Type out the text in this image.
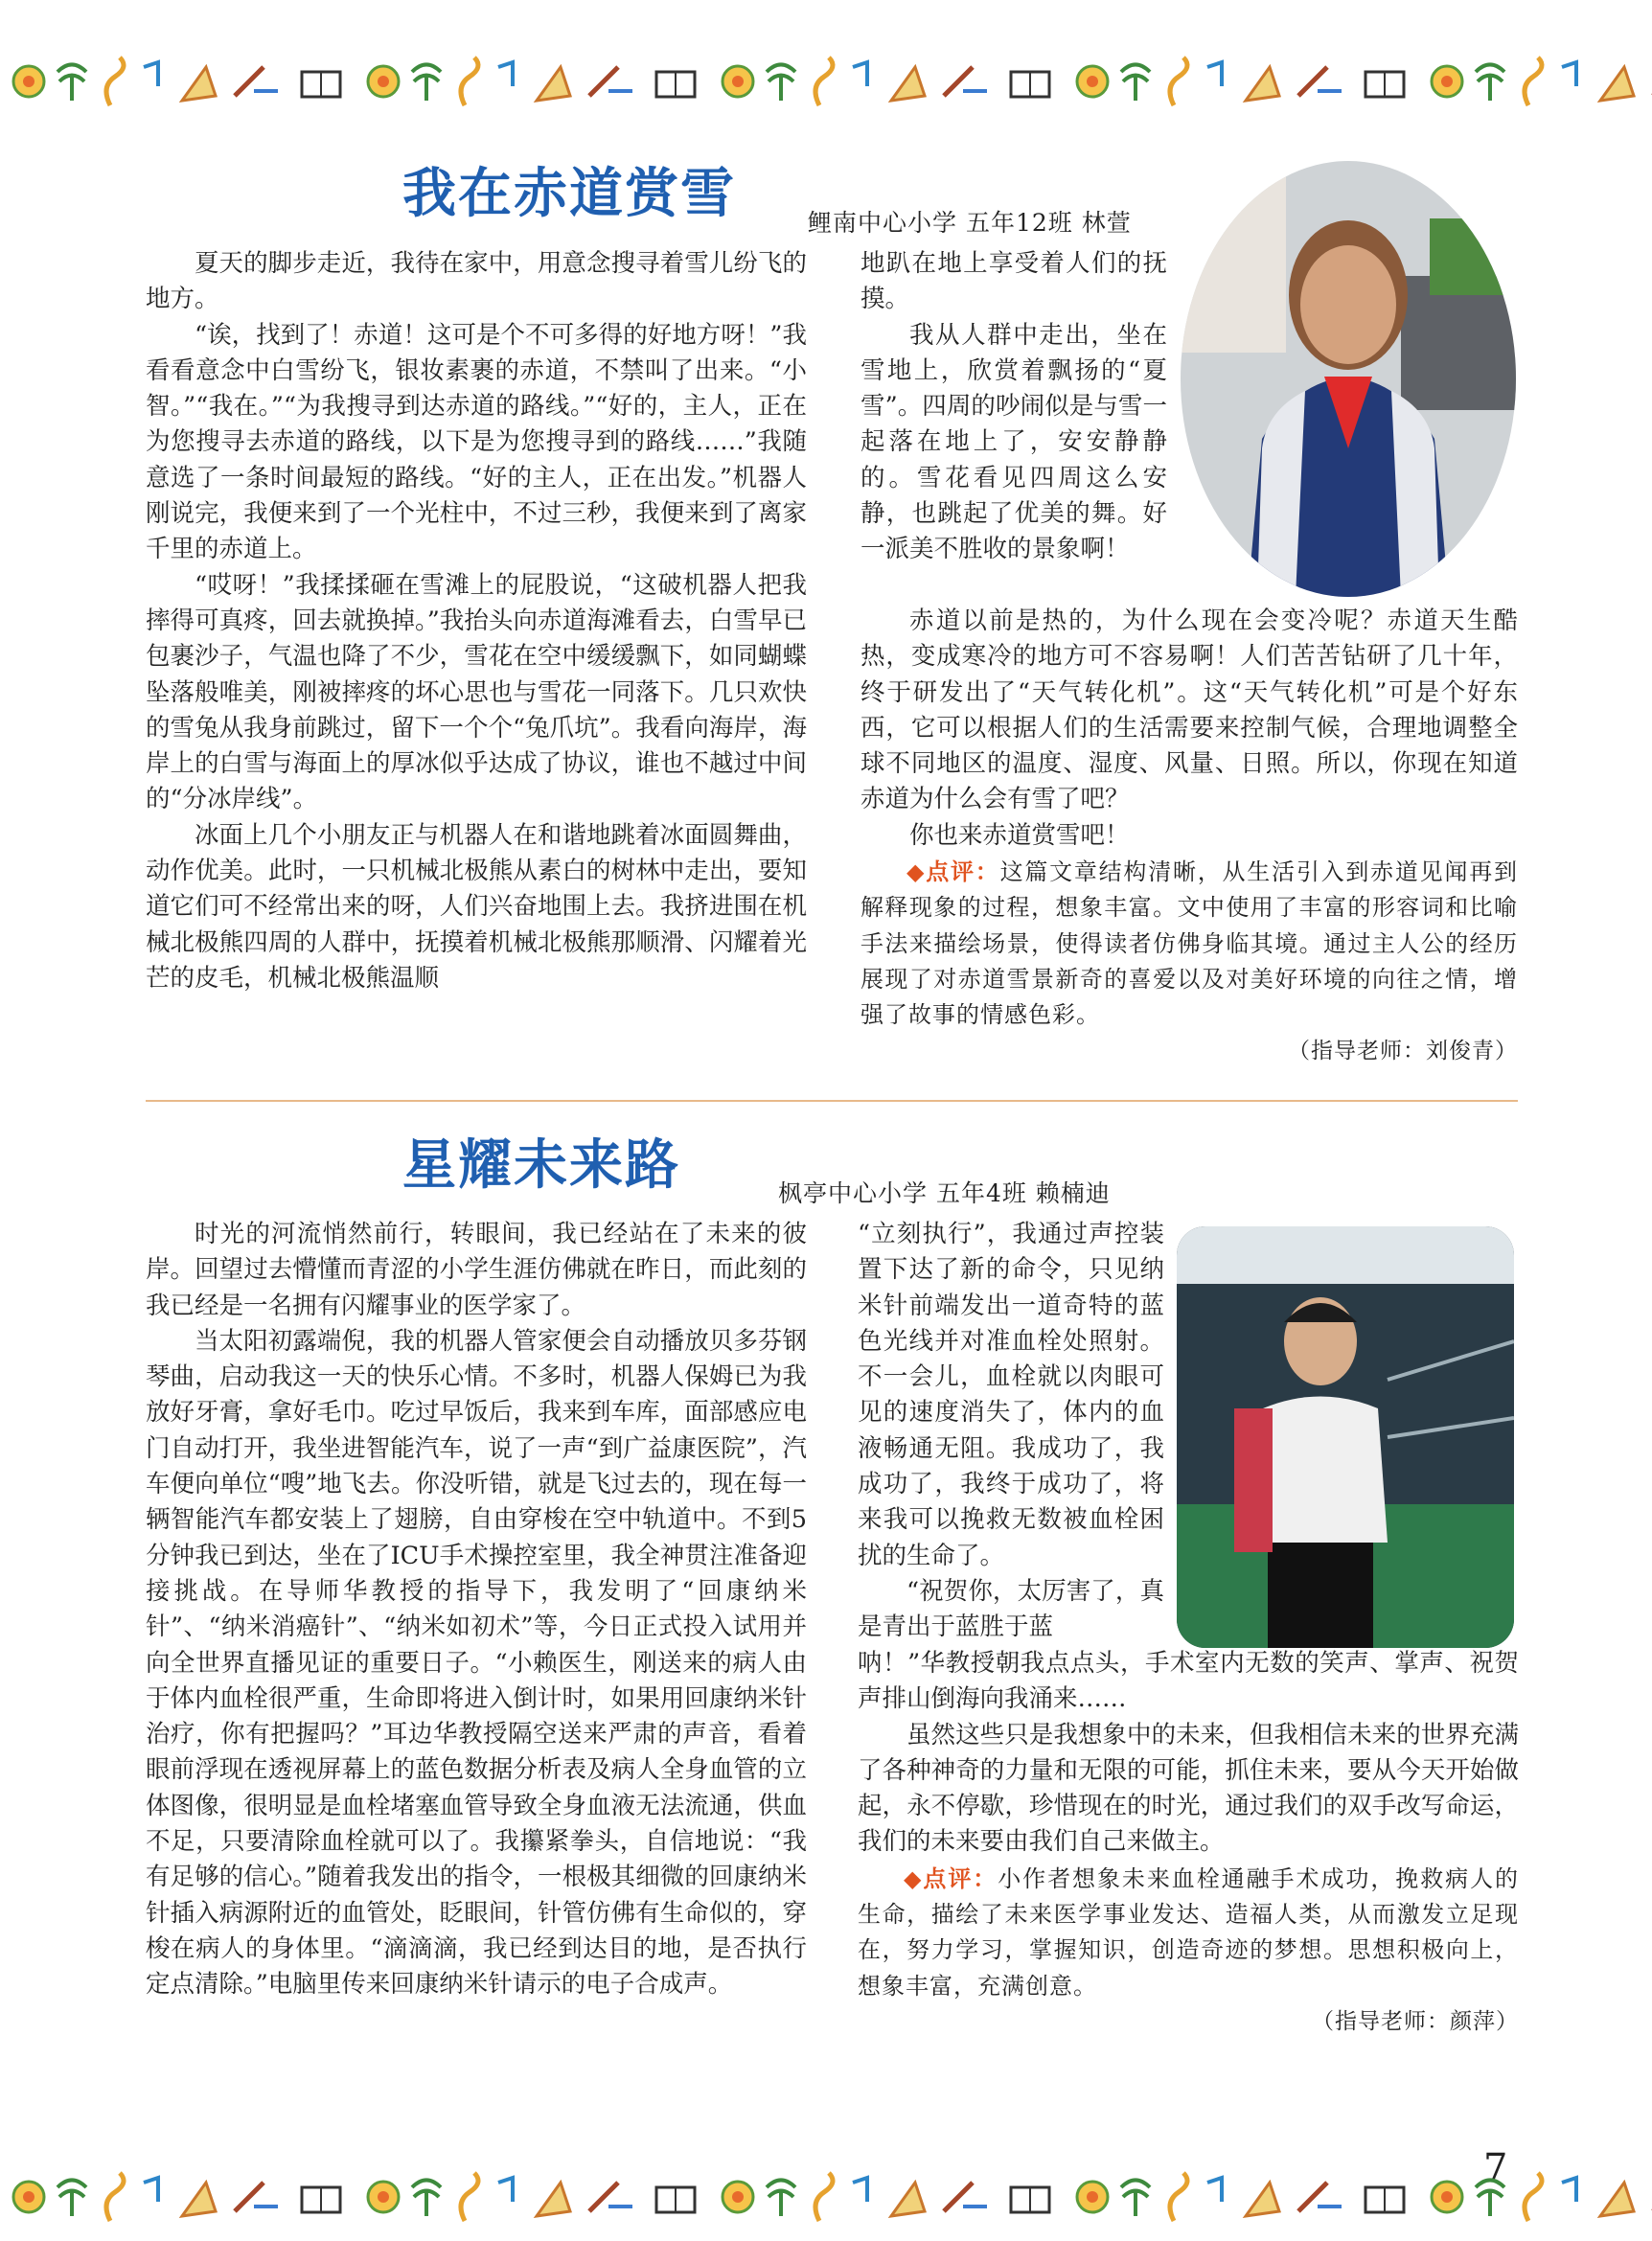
我在赤道赏雪	鲤南中心小学 五年12班 林萱

夏天的脚步走近，我待在家中，用意念搜寻着雪儿纷飞的地方。

“诶，找到了！赤道！这可是个不可多得的好地方呀！”我看看意念中白雪纷飞，银妆素裹的赤道，不禁叫了出来。“小智。”“我在。”“为我搜寻到达赤道的路线。”“好的，主人，正在为您搜寻去赤道的路线，以下是为您搜寻到的路线……”我随意选了一条时间最短的路线。“好的主人，正在出发。”机器人刚说完，我便来到了一个光柱中，不过三秒，我便来到了离家千里的赤道上。

“哎呀！”我揉揉砸在雪滩上的屁股说，“这破机器人把我摔得可真疼，回去就换掉。”我抬头向赤道海滩看去，白雪早已包裹沙子，气温也降了不少，雪花在空中缓缓飘下，如同蝴蝶坠落般唯美，刚被摔疼的坏心思也与雪花一同落下。几只欢快的雪兔从我身前跳过，留下一个个“兔爪坑”。我看向海岸，海岸上的白雪与海面上的厚冰似乎达成了协议，谁也不越过中间的“分冰岸线”。

冰面上几个小朋友正与机器人在和谐地跳着冰面圆舞曲，动作优美。此时，一只机械北极熊从素白的树林中走出，要知道它们可不经常出来的呀，人们兴奋地围上去。我挤进围在机械北极熊四周的人群中，抚摸着机械北极熊那顺滑、闪耀着光芒的皮毛，机械北极熊温顺

地趴在地上享受着人们的抚摸。

我从人群中走出，坐在雪地上，欣赏着飘扬的“夏雪”。四周的吵闹似是与雪一起落在地上了，安安静静的。雪花看见四周这么安静，也跳起了优美的舞。好一派美不胜收的景象啊！

赤道以前是热的，为什么现在会变冷呢？赤道天生酷热，变成寒冷的地方可不容易啊！人们苦苦钻研了几十年，终于研发出了“天气转化机”。这“天气转化机”可是个好东西，它可以根据人们的生活需要来控制气候，合理地调整全球不同地区的温度、湿度、风量、日照。所以，你现在知道赤道为什么会有雪了吧？

你也来赤道赏雪吧！

◆点评：这篇文章结构清晰，从生活引入到赤道见闻再到解释现象的过程，想象丰富。文中使用了丰富的形容词和比喻手法来描绘场景，使得读者仿佛身临其境。通过主人公的经历展现了对赤道雪景新奇的喜爱以及对美好环境的向往之情，增强了故事的情感色彩。

（指导老师：刘俊青）

星耀未来路	枫亭中心小学 五年4班 赖楠迪

时光的河流悄然前行，转眼间，我已经站在了未来的彼岸。回望过去懵懂而青涩的小学生涯仿佛就在昨日，而此刻的我已经是一名拥有闪耀事业的医学家了。

当太阳初露端倪，我的机器人管家便会自动播放贝多芬钢琴曲，启动我这一天的快乐心情。不多时，机器人保姆已为我放好牙膏，拿好毛巾。吃过早饭后，我来到车库，面部感应电门自动打开，我坐进智能汽车，说了一声“到广益康医院”，汽车便向单位“嗖”地飞去。你没听错，就是飞过去的，现在每一辆智能汽车都安装上了翅膀，自由穿梭在空中轨道中。不到5分钟我已到达，坐在了ICU手术操控室里，我全神贯注准备迎接挑战。在导师华教授的指导下，我发明了“回康纳米针”、“纳米消癌针”、“纳米如初术”等，今日正式投入试用并向全世界直播见证的重要日子。“小赖医生，刚送来的病人由于体内血栓很严重，生命即将进入倒计时，如果用回康纳米针治疗，你有把握吗？”耳边华教授隔空送来严肃的声音，看着眼前浮现在透视屏幕上的蓝色数据分析表及病人全身血管的立体图像，很明显是血栓堵塞血管导致全身血液无法流通，供血不足，只要清除血栓就可以了。我攥紧拳头，自信地说：“我有足够的信心。”随着我发出的指令，一根极其细微的回康纳米针插入病源附近的血管处，眨眼间，针管仿佛有生命似的，穿梭在病人的身体里。“滴滴滴，我已经到达目的地，是否执行定点清除。”电脑里传来回康纳米针请示的电子合成声。

“立刻执行”，我通过声控装置下达了新的命令，只见纳米针前端发出一道奇特的蓝色光线并对准血栓处照射。不一会儿，血栓就以肉眼可见的速度消失了，体内的血液畅通无阻。我成功了，我成功了，我终于成功了，将来我可以挽救无数被血栓困扰的生命了。

“祝贺你，太厉害了，真是青出于蓝胜于蓝

呐！”华教授朝我点点头，手术室内无数的笑声、掌声、祝贺声排山倒海向我涌来……

虽然这些只是我想象中的未来，但我相信未来的世界充满了各种神奇的力量和无限的可能，抓住未来，要从今天开始做起，永不停歇，珍惜现在的时光，通过我们的双手改写命运，我们的未来要由我们自己来做主。

◆点评：小作者想象未来血栓通融手术成功，挽救病人的生命，描绘了未来医学事业发达、造福人类，从而激发立足现在，努力学习，掌握知识，创造奇迹的梦想。思想积极向上，想象丰富，充满创意。

（指导老师：颜萍）

7
